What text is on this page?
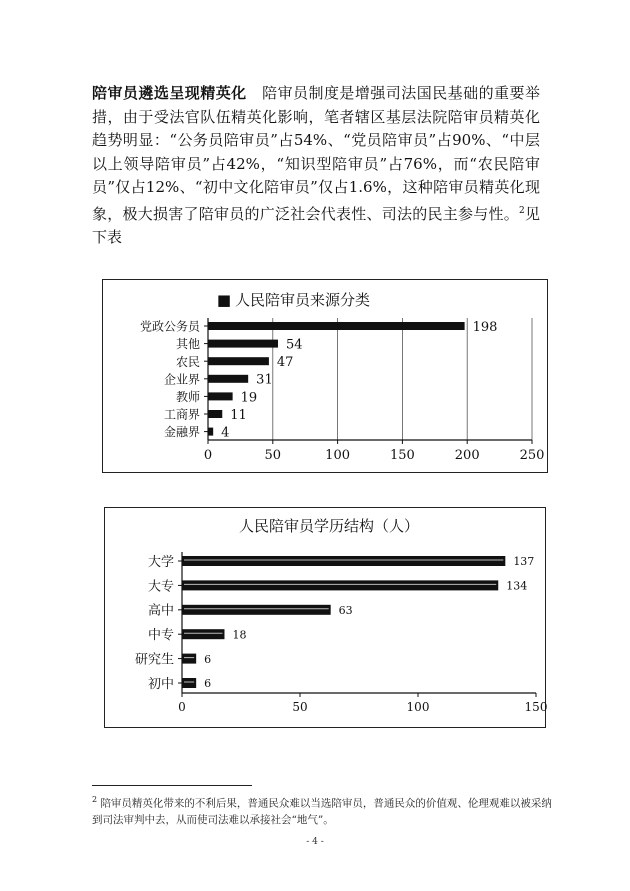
陪审员遴选呈现精英化　陪审员制度是增强司法国民基础的重要举措，由于受法官队伍精英化影响，笔者辖区基层法院陪审员精英化趋势明显：“公务员陪审员”占54%、“党员陪审员”占90%、“中层以上领导陪审员”占42%，“知识型陪审员”占76%，而“农民陪审员”仅占12%、“初中文化陪审员”仅占1.6%，这种陪审员精英化现象，极大损害了陪审员的广泛社会代表性、司法的民主参与性。$^2$见下表
■ 人民陪审员来源分类
0	50	100	150	200	250
党政公务员	198
其他	54
农民	47
企业界	31
教师	19
工商界 11
金融界 4
人民陪审员学历结构（人）
0	50	100	150
大学	137
大专	134
高中	63
中专	18
研究生	6
初中	6
$^2$ 陪审员精英化带来的不利后果，普通民众难以当选陪审员，普通民众的价值观、伦理观难以被采纳到司法审判中去，从而使司法难以承接社会“地气”。
- 4 -
